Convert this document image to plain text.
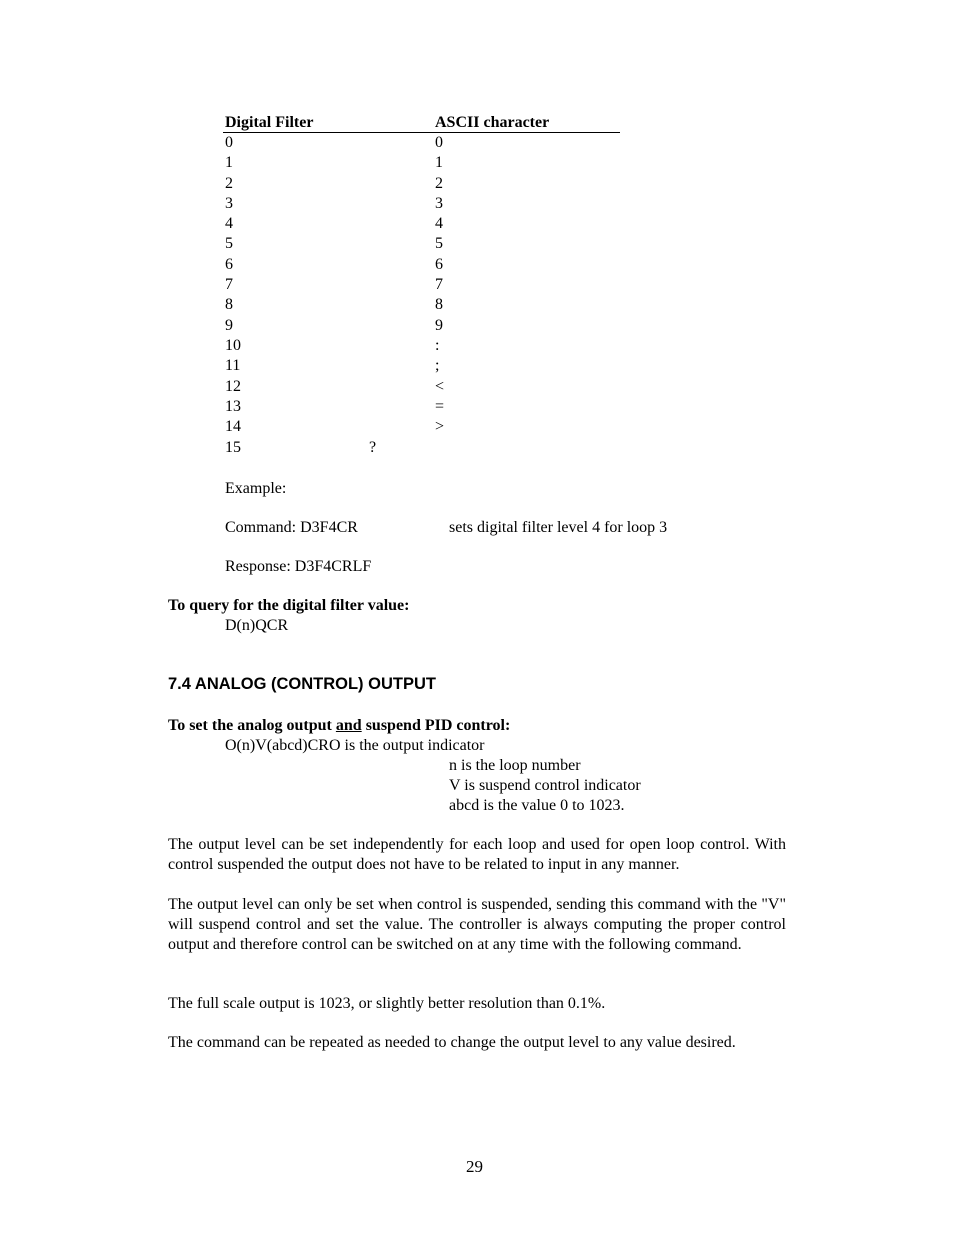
Digital Filter	ASCII character
0	0
1	1
2	2
3	3
4	4
5	5
6	6
7	7
8	8
9	9
10	:
11	;
12	<
13	=
14	>
15	?
Example:
Command: D3F4CR	sets digital filter level 4 for loop 3
Response: D3F4CRLF
To query for the digital filter value:
D(n)QCR
7.4 ANALOG (CONTROL) OUTPUT
To set the analog output and suspend PID control:
O(n)V(abcd)CRO is the output indicator
n is the loop number
V is suspend control indicator
abcd is the value 0 to 1023.
The output level can be set independently for each loop and used for open loop control. With control suspended the output does not have to be related to input in any manner.
The output level can only be set when control is suspended, sending this command with the "V" will suspend control and set the value. The controller is always computing the proper control output and therefore control can be switched on at any time with the following command.
The full scale output is 1023, or slightly better resolution than 0.1%.
The command can be repeated as needed to change the output level to any value desired.
29
